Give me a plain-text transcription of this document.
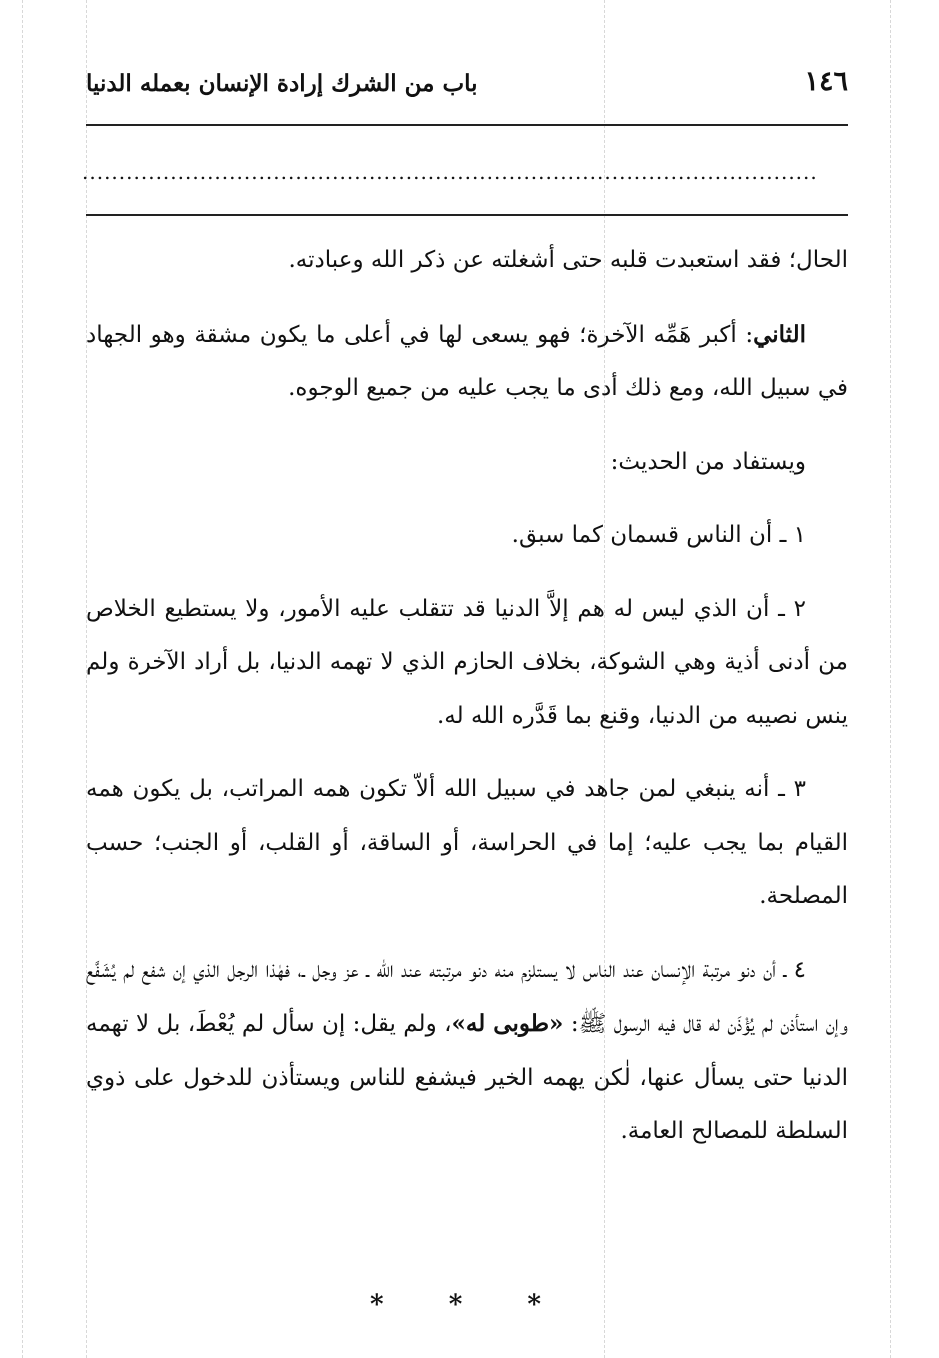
١٤٦
باب من الشرك إرادة الإنسان بعمله الدنيا
....................................................................................................

الحال؛ فقد استعبدت قلبه حتى أشغلته عن ذكر الله وعبادته.

الثاني: أكبر هَمِّه الآخرة؛ فهو يسعى لها في أعلى ما يكون مشقة وهو الجهاد في سبيل الله، ومع ذلك أدى ما يجب عليه من جميع الوجوه.

ويستفاد من الحديث:

١ ـ أن الناس قسمان كما سبق.

٢ ـ أن الذي ليس له هم إلاَّ الدنيا قد تتقلب عليه الأمور، ولا يستطيع الخلاص من أدنى أذية وهي الشوكة، بخلاف الحازم الذي لا تهمه الدنيا، بل أراد الآخرة ولم ينس نصيبه من الدنيا، وقنع بما قَدَّره الله له.

٣ ـ أنه ينبغي لمن جاهد في سبيل الله ألاّ تكون همه المراتب، بل يكون همه القيام بما يجب عليه؛ إما في الحراسة، أو الساقة، أو القلب، أو الجنب؛ حسب المصلحة.

٤ ـ أن دنو مرتبة الإنسان عند الناس لا يستلزم منه دنو مرتبته عند الله ـ عز وجل ـ، فهٰذا الرجل الذي إن شفع لم يُشَفَّع وإن استأذن لم يُؤْذَن له قال فيه الرسول ﷺ: «طوبى له»، ولم يقل: إن سأل لم يُعْطَ، بل لا تهمه الدنيا حتى يسأل عنها، لٰكن يهمه الخير فيشفع للناس ويستأذن للدخول على ذوي السلطة للمصالح العامة.

* * *
